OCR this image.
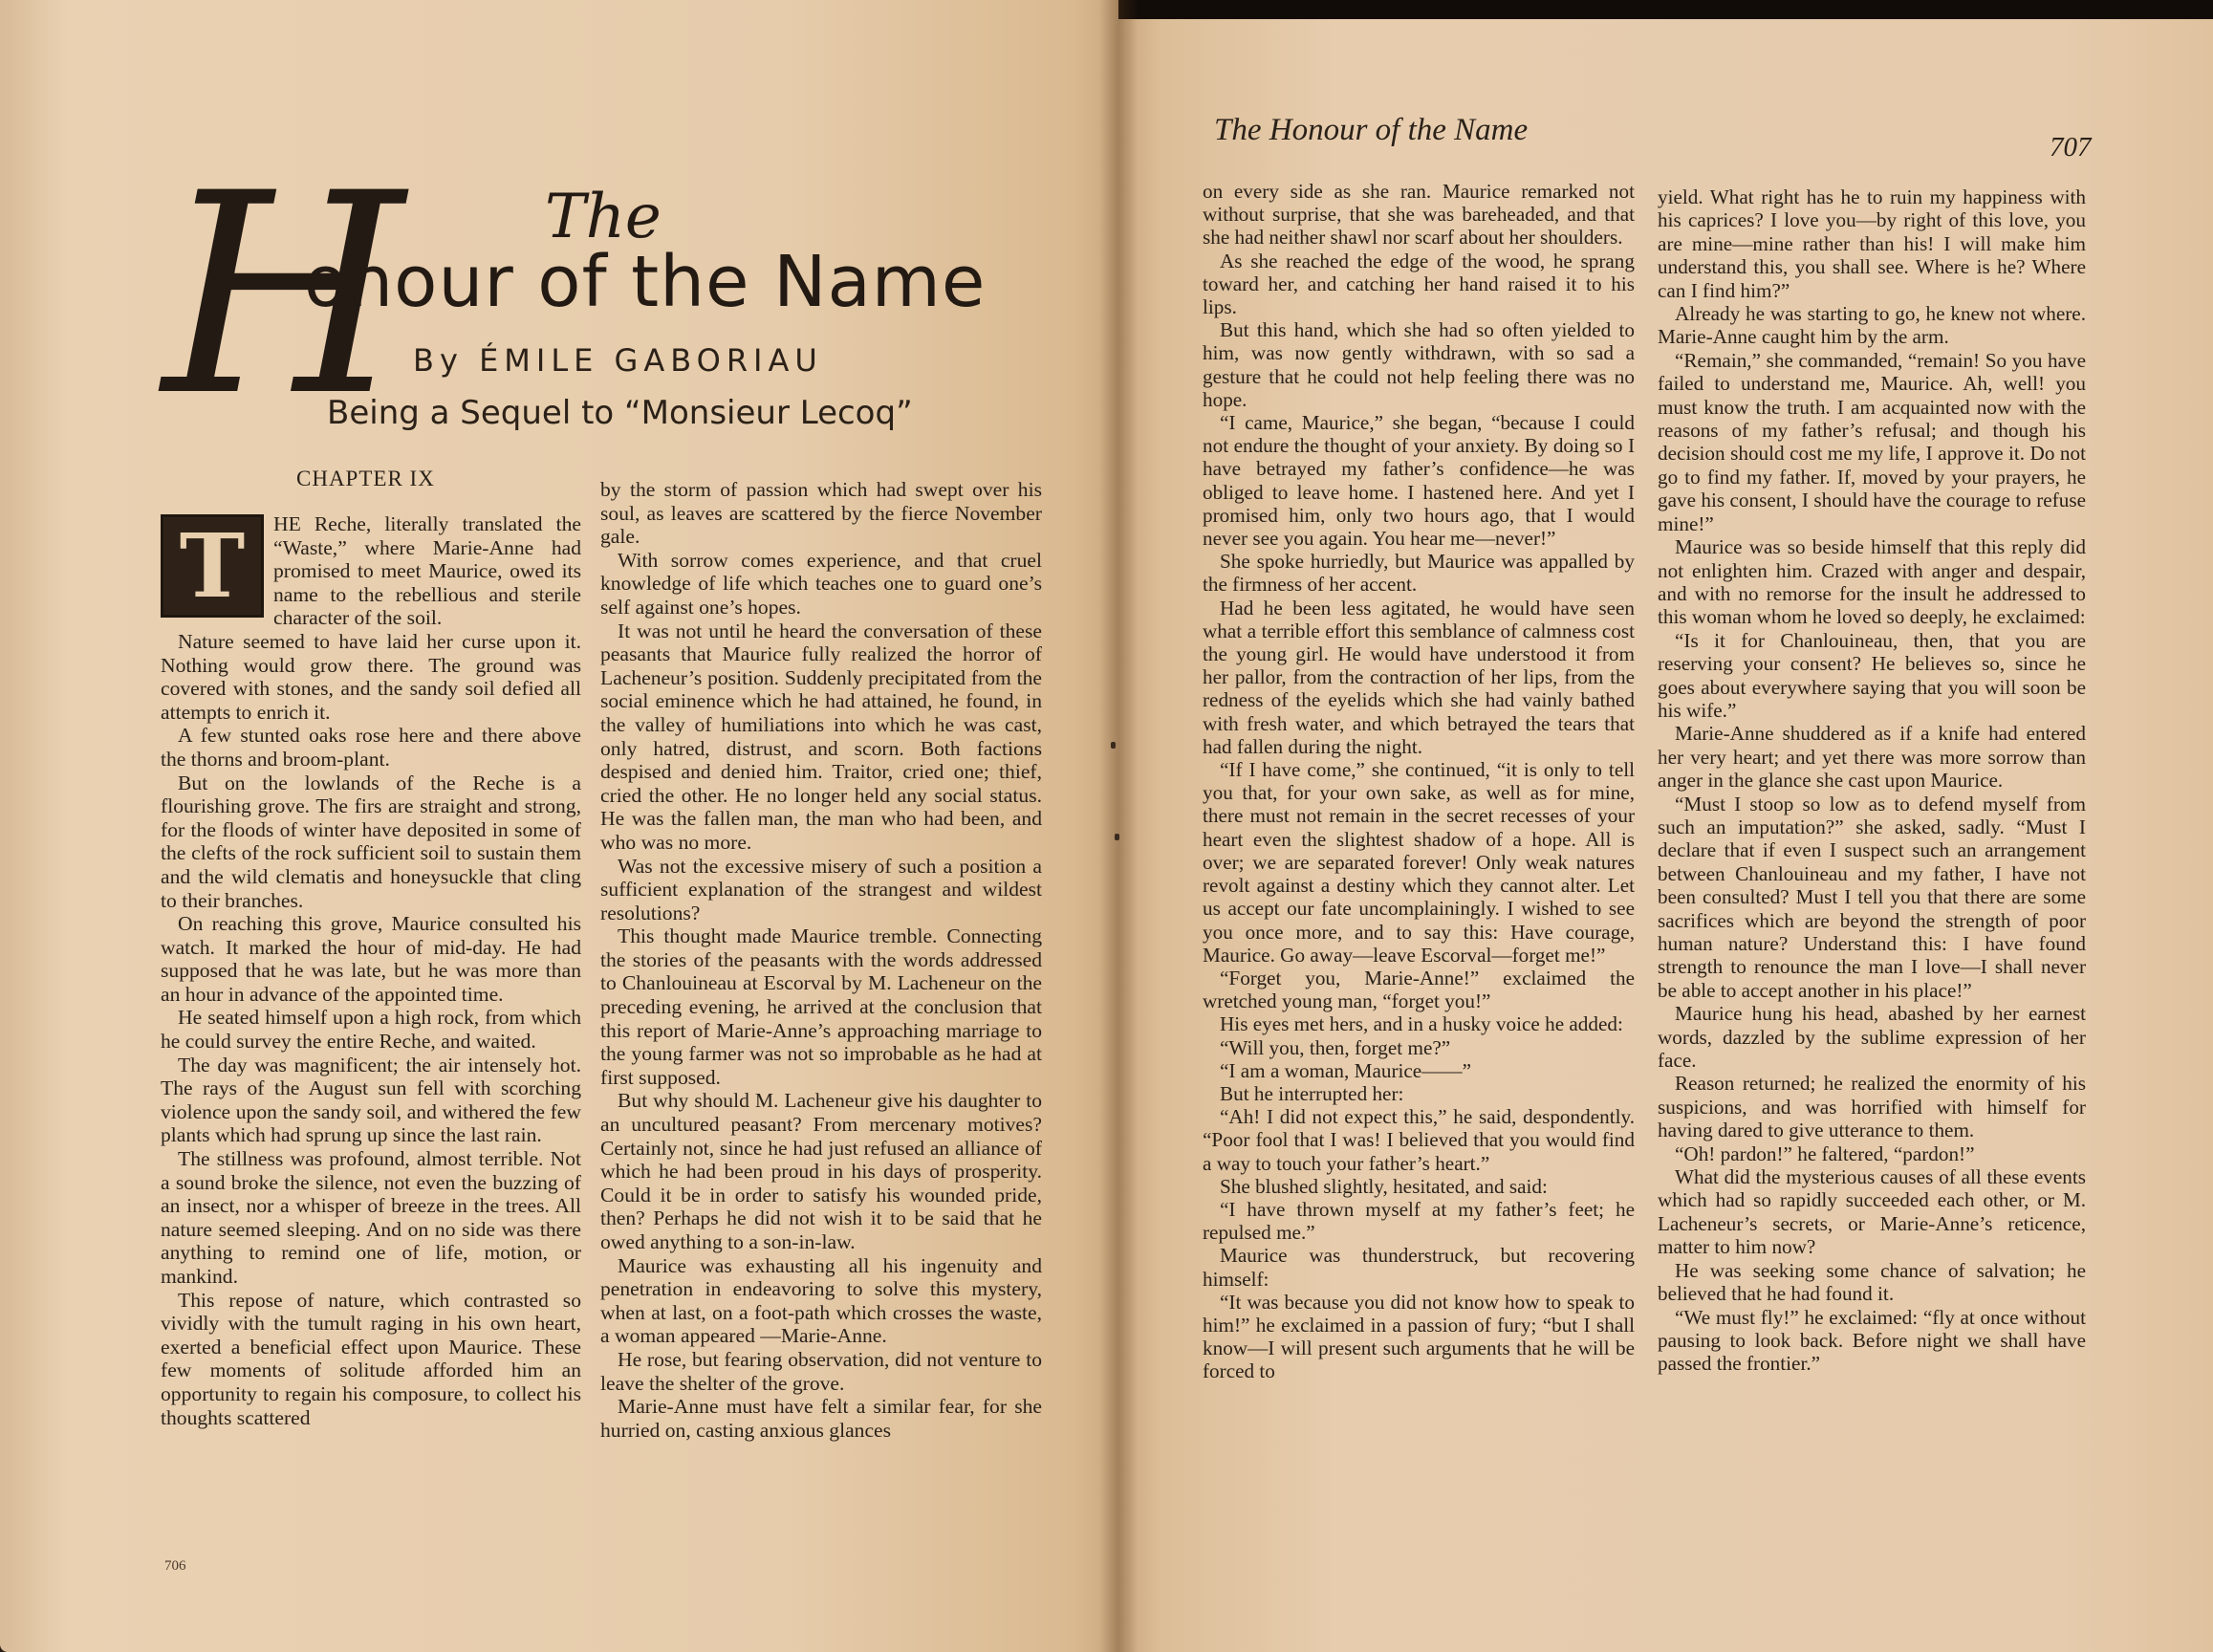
H The
onour of the Name
By ÉMILE GABORIAU
Being a Sequel to “Monsieur Lecoq”
CHAPTER IX
T	HE Reche, literally translated the “Waste,” where Marie-Anne had promised to meet Maurice, owed its name to the rebellious and sterile character of the soil.

Nature seemed to have laid her curse upon it. Nothing would grow there. The ground was covered with stones, and the sandy soil defied all attempts to enrich it.

A few stunted oaks rose here and there above the thorns and broom-plant.

But on the lowlands of the Reche is a flourishing grove. The firs are straight and strong, for the floods of winter have deposited in some of the clefts of the rock sufficient soil to sustain them and the wild clematis and honeysuckle that cling to their branches.

On reaching this grove, Maurice consulted his watch. It marked the hour of mid-day. He had supposed that he was late, but he was more than an hour in advance of the appointed time.

He seated himself upon a high rock, from which he could survey the entire Reche, and waited.

The day was magnificent; the air intensely hot. The rays of the August sun fell with scorching violence upon the sandy soil, and withered the few plants which had sprung up since the last rain.

The stillness was profound, almost terrible. Not a sound broke the silence, not even the buzzing of an insect, nor a whisper of breeze in the trees. All nature seemed sleeping. And on no side was there anything to remind one of life, motion, or mankind.

This repose of nature, which contrasted so vividly with the tumult raging in his own heart, exerted a beneficial effect upon Maurice. These few moments of solitude afforded him an opportunity to regain his composure, to collect his thoughts scattered

by the storm of passion which had swept over his soul, as leaves are scattered by the fierce November gale.

With sorrow comes experience, and that cruel knowledge of life which teaches one to guard one’s self against one’s hopes.

It was not until he heard the conversation of these peasants that Maurice fully realized the horror of Lacheneur’s position. Suddenly precipitated from the social eminence which he had attained, he found, in the valley of humiliations into which he was cast, only hatred, distrust, and scorn. Both factions despised and denied him. Traitor, cried one; thief, cried the other. He no longer held any social status. He was the fallen man, the man who had been, and who was no more.

Was not the excessive misery of such a position a sufficient explanation of the strangest and wildest resolutions?

This thought made Maurice tremble. Connecting the stories of the peasants with the words addressed to Chanlouineau at Escorval by M. Lacheneur on the preceding evening, he arrived at the conclusion that this report of Marie-Anne’s approaching marriage to the young farmer was not so improbable as he had at first supposed.

But why should M. Lacheneur give his daughter to an uncultured peasant? From mercenary motives? Certainly not, since he had just refused an alliance of which he had been proud in his days of prosperity. Could it be in order to satisfy his wounded pride, then? Perhaps he did not wish it to be said that he owed anything to a son-in-law.

Maurice was exhausting all his ingenuity and penetration in endeavoring to solve this mystery, when at last, on a foot-path which crosses the waste, a woman appeared —Marie-Anne.

He rose, but fearing observation, did not venture to leave the shelter of the grove.

Marie-Anne must have felt a similar fear, for she hurried on, casting anxious glances

706
The Honour of the Name	707

on every side as she ran. Maurice remarked not without surprise, that she was bareheaded, and that she had neither shawl nor scarf about her shoulders.

As she reached the edge of the wood, he sprang toward her, and catching her hand raised it to his lips.

But this hand, which she had so often yielded to him, was now gently withdrawn, with so sad a gesture that he could not help feeling there was no hope.

“I came, Maurice,” she began, “because I could not endure the thought of your anxiety. By doing so I have betrayed my father’s confidence—he was obliged to leave home. I hastened here. And yet I promised him, only two hours ago, that I would never see you again. You hear me—never!”

She spoke hurriedly, but Maurice was appalled by the firmness of her accent.

Had he been less agitated, he would have seen what a terrible effort this semblance of calmness cost the young girl. He would have understood it from her pallor, from the contraction of her lips, from the redness of the eyelids which she had vainly bathed with fresh water, and which betrayed the tears that had fallen during the night.

“If I have come,” she continued, “it is only to tell you that, for your own sake, as well as for mine, there must not remain in the secret recesses of your heart even the slightest shadow of a hope. All is over; we are separated forever! Only weak natures revolt against a destiny which they cannot alter. Let us accept our fate uncomplainingly. I wished to see you once more, and to say this: Have courage, Maurice. Go away—leave Escorval—forget me!”

“Forget you, Marie-Anne!” exclaimed the wretched young man, “forget you!”

His eyes met hers, and in a husky voice he added:

“Will you, then, forget me?”

“I am a woman, Maurice——”

But he interrupted her:

“Ah! I did not expect this,” he said, despondently. “Poor fool that I was! I believed that you would find a way to touch your father’s heart.”

She blushed slightly, hesitated, and said:

“I have thrown myself at my father’s feet; he repulsed me.”

Maurice was thunderstruck, but recovering himself:

“It was because you did not know how to speak to him!” he exclaimed in a passion of fury; “but I shall know—I will present such arguments that he will be forced to

yield. What right has he to ruin my happiness with his caprices? I love you—by right of this love, you are mine—mine rather than his! I will make him understand this, you shall see. Where is he? Where can I find him?”

Already he was starting to go, he knew not where. Marie-Anne caught him by the arm.

“Remain,” she commanded, “remain! So you have failed to understand me, Maurice. Ah, well! you must know the truth. I am acquainted now with the reasons of my father’s refusal; and though his decision should cost me my life, I approve it. Do not go to find my father. If, moved by your prayers, he gave his consent, I should have the courage to refuse mine!”

Maurice was so beside himself that this reply did not enlighten him. Crazed with anger and despair, and with no remorse for the insult he addressed to this woman whom he loved so deeply, he exclaimed:

“Is it for Chanlouineau, then, that you are reserving your consent? He believes so, since he goes about everywhere saying that you will soon be his wife.”

Marie-Anne shuddered as if a knife had entered her very heart; and yet there was more sorrow than anger in the glance she cast upon Maurice.

“Must I stoop so low as to defend myself from such an imputation?” she asked, sadly. “Must I declare that if even I suspect such an arrangement between Chanlouineau and my father, I have not been consulted? Must I tell you that there are some sacrifices which are beyond the strength of poor human nature? Understand this: I have found strength to renounce the man I love—I shall never be able to accept another in his place!”

Maurice hung his head, abashed by her earnest words, dazzled by the sublime expression of her face.

Reason returned; he realized the enormity of his suspicions, and was horrified with himself for having dared to give utterance to them.

“Oh! pardon!” he faltered, “pardon!”

What did the mysterious causes of all these events which had so rapidly succeeded each other, or M. Lacheneur’s secrets, or Marie-Anne’s reticence, matter to him now?

He was seeking some chance of salvation; he believed that he had found it.

“We must fly!” he exclaimed: “fly at once without pausing to look back. Before night we shall have passed the frontier.”
